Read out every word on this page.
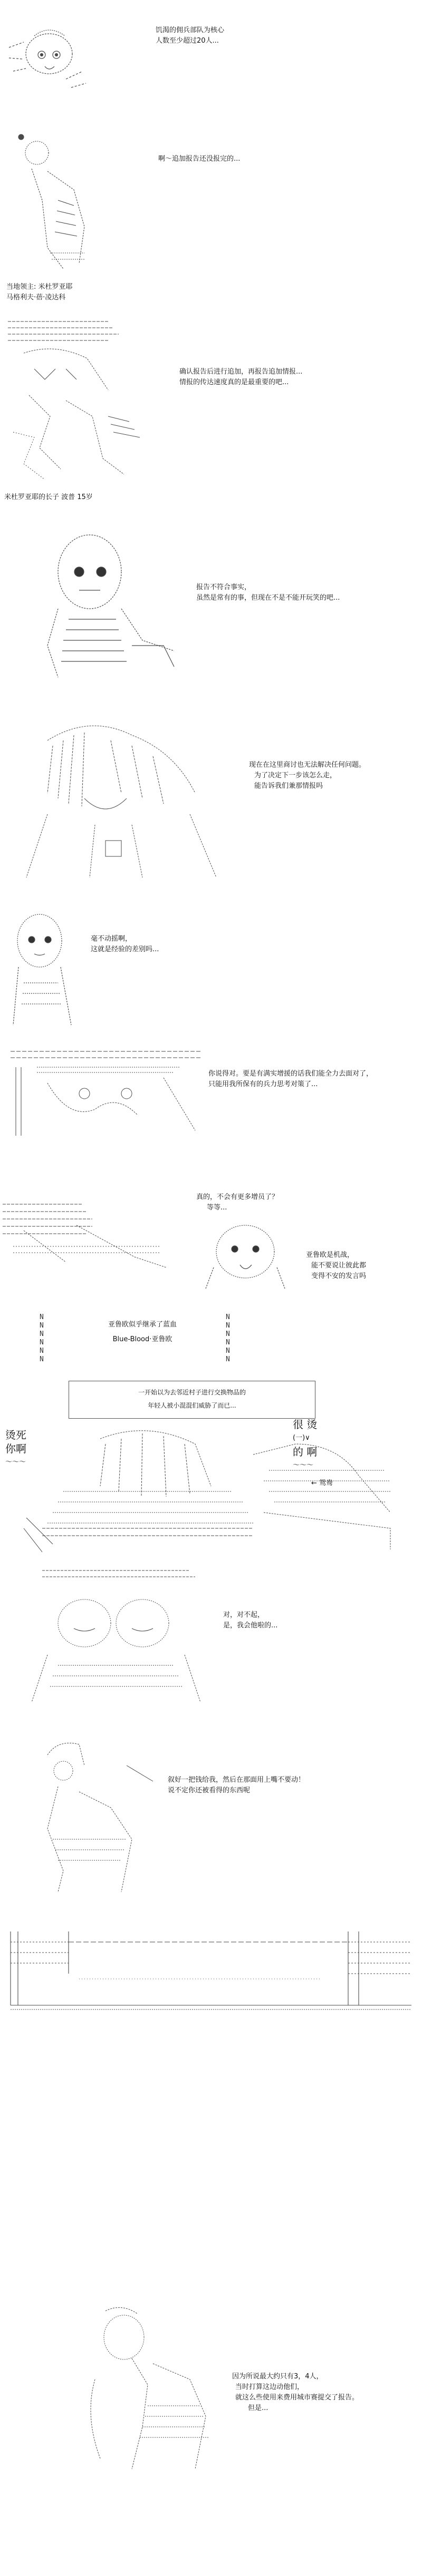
饥渴的佣兵部队为核心
人数至少超过20人...
啊～追加报告还没报完的...
当地领主: 米杜罗亚耶
马格利夫·蓓·凌达科
确认报告后进行追加，再报告追加情报...
情报的传达速度真的是最重要的吧...
米杜罗亚耶的长子 波普 15岁
报告不符合事实，
虽然是常有的事，但现在不是不能开玩笑的吧...
现在在这里商讨也无法解决任何问题。
为了决定下一步该怎么走，
能告诉我们兼那情报吗
毫不动摇啊，
这就是经验的差别吗...
你说得对。要是有满实增援的话我们能全力去面对了，
只能用我所保有的兵力思考对策了...
真的，不会有更多增员了？
等等...
亚鲁欧是机战，
能不要说让彼此都
变得不安的发言吗
N
N
N
N
N
N
N
N
N
N
N
N
亚鲁欧似乎继承了蓝血
Blue-Blood·亚鲁欧
一开始以为去邻近村子进行交换物品的
年轻人被小混混们威胁了而已...
烫死
你啊
～～～
很 烫
(一)∨
的 啊
～～～
← 鸳鸯
对，对不起，
是，我会他啦的...
叙好一把钱给我，然后在那面用上嘴不要动！
说不定你还被看得的东西呢
因为所说最大约只有3，4人，
当时打算这边动他们，
就这么些使用来费用城市赛提交了报告。
但是...
